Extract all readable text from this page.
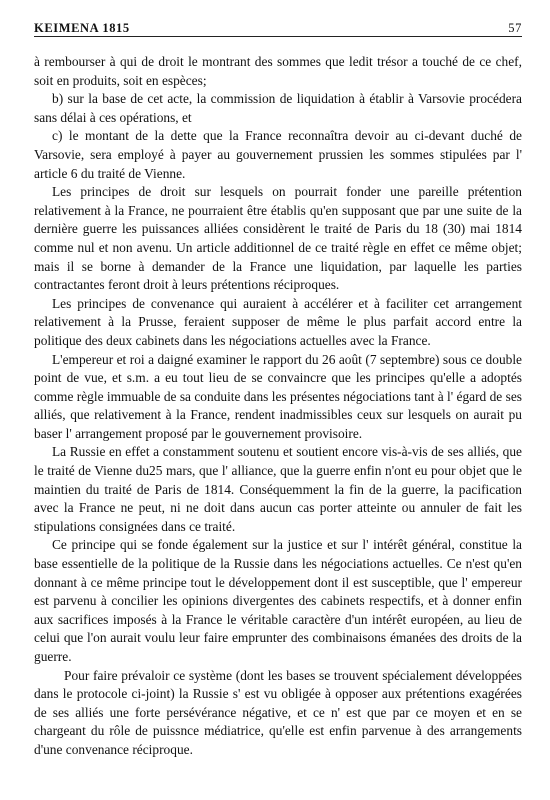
KEIMENA 1815	57

à rembourser à qui de droit le montrant des sommes que ledit trésor a touché de ce chef, soit en produits, soit en espèces;

b) sur la base de cet acte, la commission de liquidation à établir à Varsovie procédera sans délai à ces opérations, et

c) le montant de la dette que la France reconnaîtra devoir au ci-devant duché de Varsovie, sera employé à payer au gouvernement prussien les sommes stipulées par l' article 6 du traité de Vienne.

Les principes de droit sur lesquels on pourrait fonder une pareille prétention relativement à la France, ne pourraient être établis qu'en supposant que par une suite de la dernière guerre les puissances alliées considèrent le traité de Paris du 18 (30) mai 1814 comme nul et non avenu. Un article additionnel de ce traité règle en effet ce même objet; mais il se borne à demander de la France une liquidation, par laquelle les parties contractantes feront droit à leurs prétentions réciproques.

Les principes de convenance qui auraient à accélérer et à faciliter cet arrangement relativement à la Prusse, feraient supposer de même le plus parfait accord entre la politique des deux cabinets dans les négociations actuelles avec la France.

L'empereur et roi a daigné examiner le rapport du 26 août (7 septembre) sous ce double point de vue, et s.m. a eu tout lieu de se convaincre que les principes qu'elle a adoptés comme règle immuable de sa conduite dans les présentes négociations tant à l' égard de ses alliés, que relativement à la France, rendent inadmissibles ceux sur lesquels on aurait pu baser l' arrangement proposé par le gouvernement provisoire.

La Russie en effet a constamment soutenu et soutient encore vis-à-vis de ses alliés, que le traité de Vienne du25 mars, que l' alliance, que la guerre enfin n'ont eu pour objet que le maintien du traité de Paris de 1814. Conséquemment la fin de la guerre, la pacification avec la France ne peut, ni ne doit dans aucun cas porter atteinte ou annuler de fait les stipulations consignées dans ce traité.

Ce principe qui se fonde également sur la justice et sur l' intérêt général, constitue la base essentielle de la politique de la Russie dans les négociations actuelles. Ce n'est qu'en donnant à ce même principe tout le développement dont il est susceptible, que l' empereur est parvenu à concilier les opinions divergentes des cabinets respectifs, et à donner enfin aux sacrifices imposés à la France le véritable caractère d'un intérêt européen, au lieu de celui que l'on aurait voulu leur faire emprunter des combinaisons émanées des droits de la guerre.

Pour faire prévaloir ce système (dont les bases se trouvent spécialement développées dans le protocole ci-joint) la Russie s' est vu obligée à opposer aux prétentions exagérées de ses alliés une forte persévérance négative, et ce n' est que par ce moyen et en se chargeant du rôle de puissnce médiatrice, qu'elle est enfin parvenue à des arrangements d'une convenance réciproque.
